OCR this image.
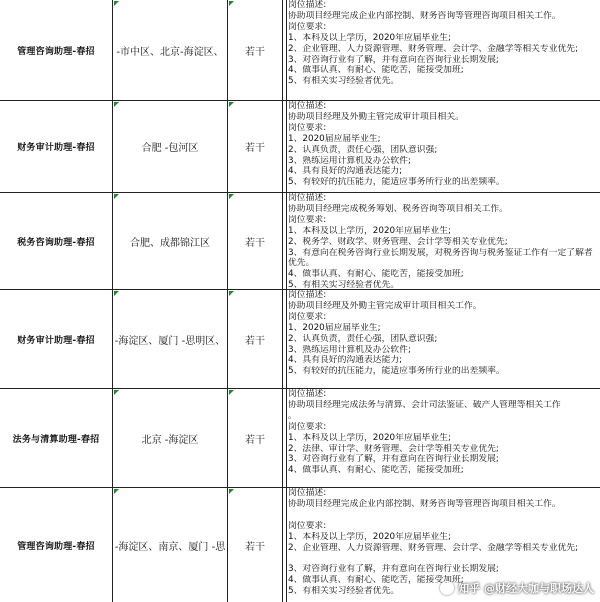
管理咨询助理-春招	-市中区、北京-海淀区、	若干
岗位描述:
协助项目经理完成企业内部控制、财务咨询等管理咨询项目相关工作。
岗位要求:
1、本科及以上学历，2020年应届毕业生;
2、企业管理、人力资源管理、财务管理、会计学、金融学等相关专业优先;
3、对咨询行业有了解，并有意向在咨询行业长期发展;
4、做事认真、有耐心、能吃苦，能接受加班;
5、有相关实习经验者优先。
财务审计助理-春招	合肥 -包河区	若干
岗位描述:
协助项目经理及外勤主管完成审计项目相关。
岗位要求:
1、2020届应届毕业生;
2、认真负责，责任心强，团队意识强;
3、熟练运用计算机及办公软件;
4、具有良好的沟通表达能力;
5、有较好的抗压能力，能适应事务所行业的出差频率。
税务咨询助理-春招	合肥、成都锦江区	若干
岗位描述:
协助项目经理完成税务筹划、税务咨询等项目相关工作。
岗位要求:
1、本科及以上学历，2020年应届毕业生;
2、税务学、财政学、财务管理、会计学等相关专业优先;
3、有意向在税务咨询行业长期发展，对税务咨询与税务鉴证工作有一定了解者优先。
4、做事认真、有耐心、能吃苦，能接受加班;
5、有相关实习经验者优先。
财务审计助理-春招	-海淀区、厦门 -思明区、	若干
岗位描述:
协助项目经理及外勤主管完成审计项目相关工作。
岗位要求:
1、2020届应届毕业生;
2、认真负责，责任心强，团队意识强;
3、熟练运用计算机及办公软件;
4、具有良好的沟通表达能力;
5、有较好的抗压能力，能适应事务所行业的出差频率。
法务与清算助理-春招	北京 -海淀区	若干
岗位描述:
协助项目经理完成法务与清算、会计司法鉴证、破产人管理等相关工作
。
岗位要求:
1、本科及以上学历，2020年应届毕业生;
2、法律、审计学、财务管理、会计学等相关专业优先;
3、对咨询行业有了解，并有意向在咨询行业长期发展;
4、做事认真、有耐心、能吃苦，能接受加班;
管理咨询助理-春招	-海淀区、南京、厦门 -思	若干
岗位描述:
协助项目经理完成企业内部控制、财务咨询等管理咨询项目相关工作。

岗位要求:
1、本科及以上学历，2020年应届毕业生;
2、企业管理、人力资源管理、财务管理、会计学、金融学等相关专业优先;

3、对咨询行业有了解，并有意向在咨询行业长期发展;
4、做事认真、有耐心、能吃苦，能接受加班;
5、有相关实习经验者优先。	知乎 @财经大咖与职场达人
